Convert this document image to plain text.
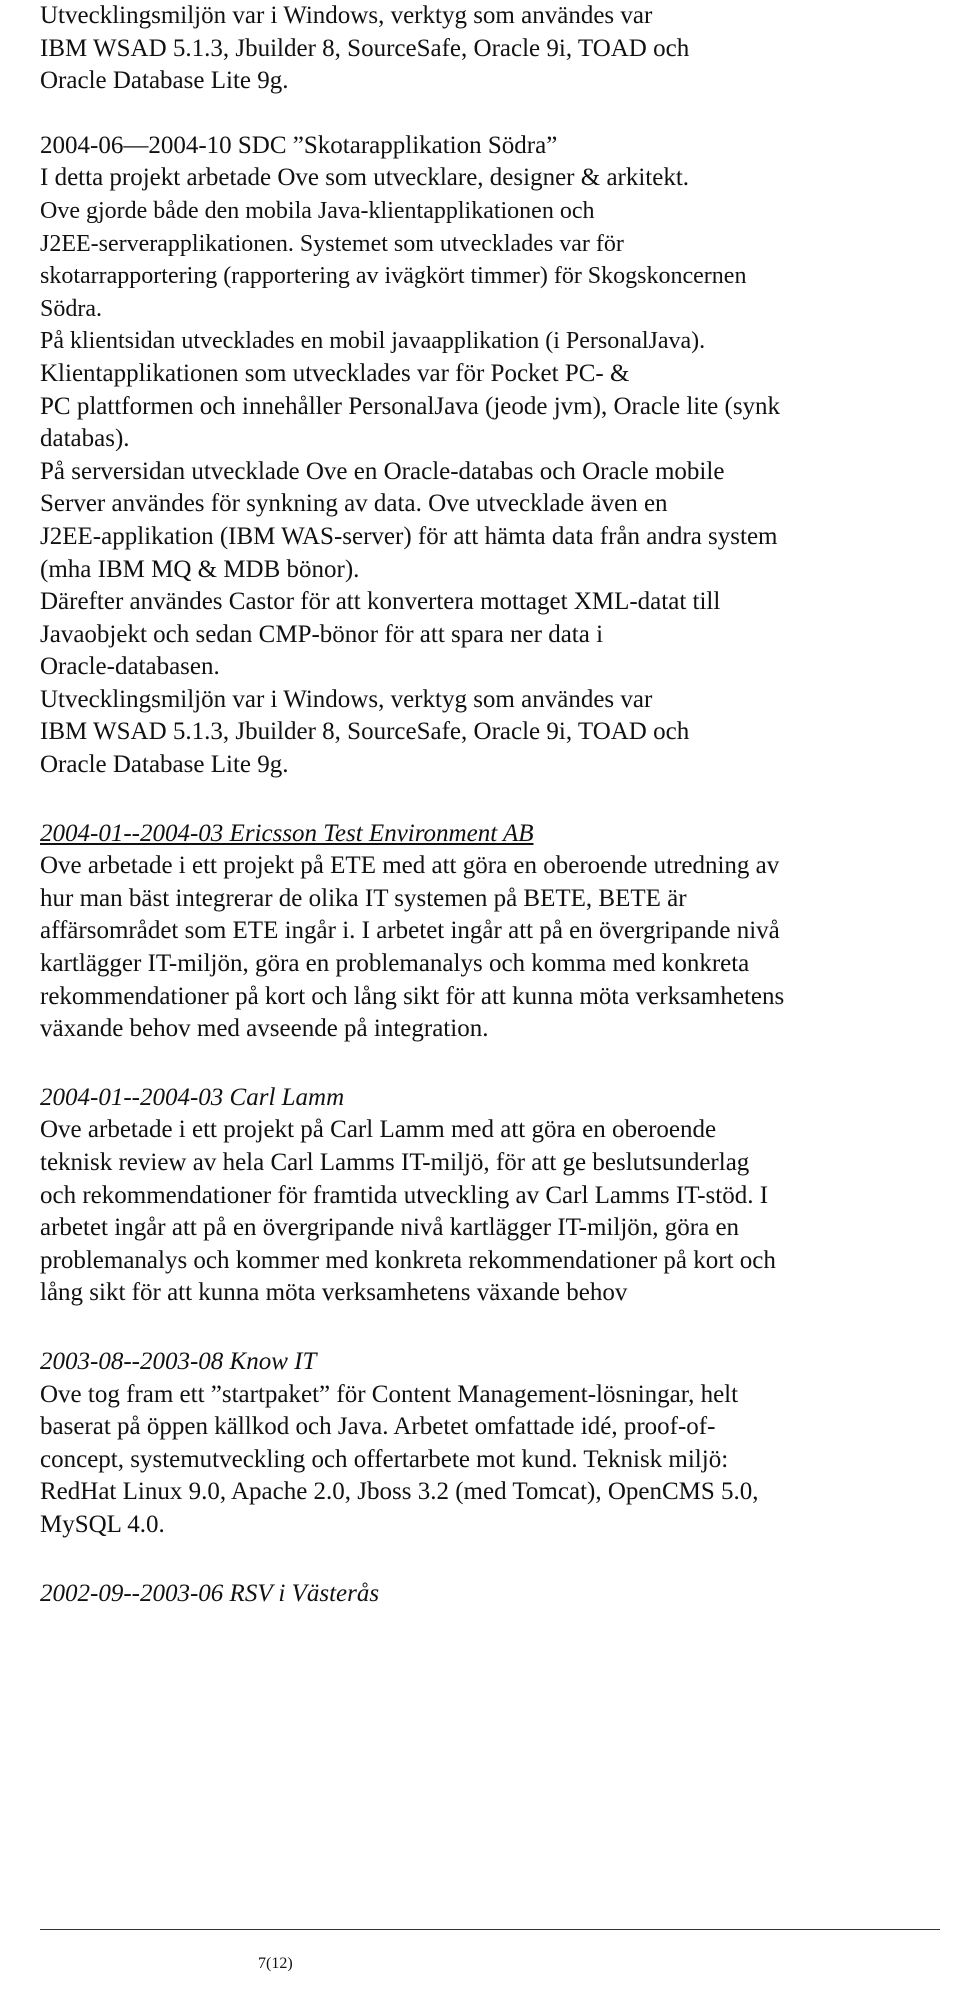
Utvecklingsmiljön var i Windows, verktyg som användes var
IBM WSAD 5.1.3, Jbuilder 8, SourceSafe, Oracle 9i, TOAD och
Oracle Database Lite 9g.
2004-06—2004-10 SDC ”Skotarapplikation Södra”
I detta projekt arbetade Ove som utvecklare, designer & arkitekt.
Ove gjorde både den mobila Java-klientapplikationen och
J2EE-serverapplikationen. Systemet som utvecklades var för
skotarrapportering (rapportering av ivägkört timmer) för Skogskoncernen
Södra.
På klientsidan utvecklades en mobil javaapplikation (i PersonalJava).
Klientapplikationen som utvecklades var för Pocket PC- &
PC plattformen och innehåller PersonalJava (jeode jvm), Oracle lite (synk
databas).
På serversidan utvecklade Ove en Oracle-databas och Oracle mobile
Server användes för synkning av data. Ove utvecklade även en
J2EE-applikation (IBM WAS-server) för att hämta data från andra system
(mha IBM MQ & MDB bönor).
Därefter användes Castor för att konvertera mottaget XML-datat till
Javaobjekt och sedan CMP-bönor för att spara ner data i
Oracle-databasen.
Utvecklingsmiljön var i Windows, verktyg som användes var
IBM WSAD 5.1.3, Jbuilder 8, SourceSafe, Oracle 9i, TOAD och
Oracle Database Lite 9g.
2004-01--2004-03 Ericsson Test Environment AB
Ove arbetade i ett projekt på ETE med att göra en oberoende utredning av
hur man bäst integrerar de olika IT systemen på BETE, BETE är
affärsområdet som ETE ingår i. I arbetet ingår att på en övergripande nivå
kartlägger IT-miljön, göra en problemanalys och komma med konkreta
rekommendationer på kort och lång sikt för att kunna möta verksamhetens
växande behov med avseende på integration.
2004-01--2004-03 Carl Lamm
Ove arbetade i ett projekt på Carl Lamm med att göra en oberoende
teknisk review av hela Carl Lamms IT-miljö, för att ge beslutsunderlag
och rekommendationer för framtida utveckling av Carl Lamms IT-stöd. I
arbetet ingår att på en övergripande nivå kartlägger IT-miljön, göra en
problemanalys och kommer med konkreta rekommendationer på kort och
lång sikt för att kunna möta verksamhetens växande behov
2003-08--2003-08 Know IT
Ove tog fram ett ”startpaket” för Content Management-lösningar, helt
baserat på öppen källkod och Java. Arbetet omfattade idé, proof-of-
concept, systemutveckling och offertarbete mot kund. Teknisk miljö:
RedHat Linux 9.0, Apache 2.0, Jboss 3.2 (med Tomcat), OpenCMS 5.0,
MySQL 4.0.
2002-09--2003-06 RSV i Västerås
7(12)
